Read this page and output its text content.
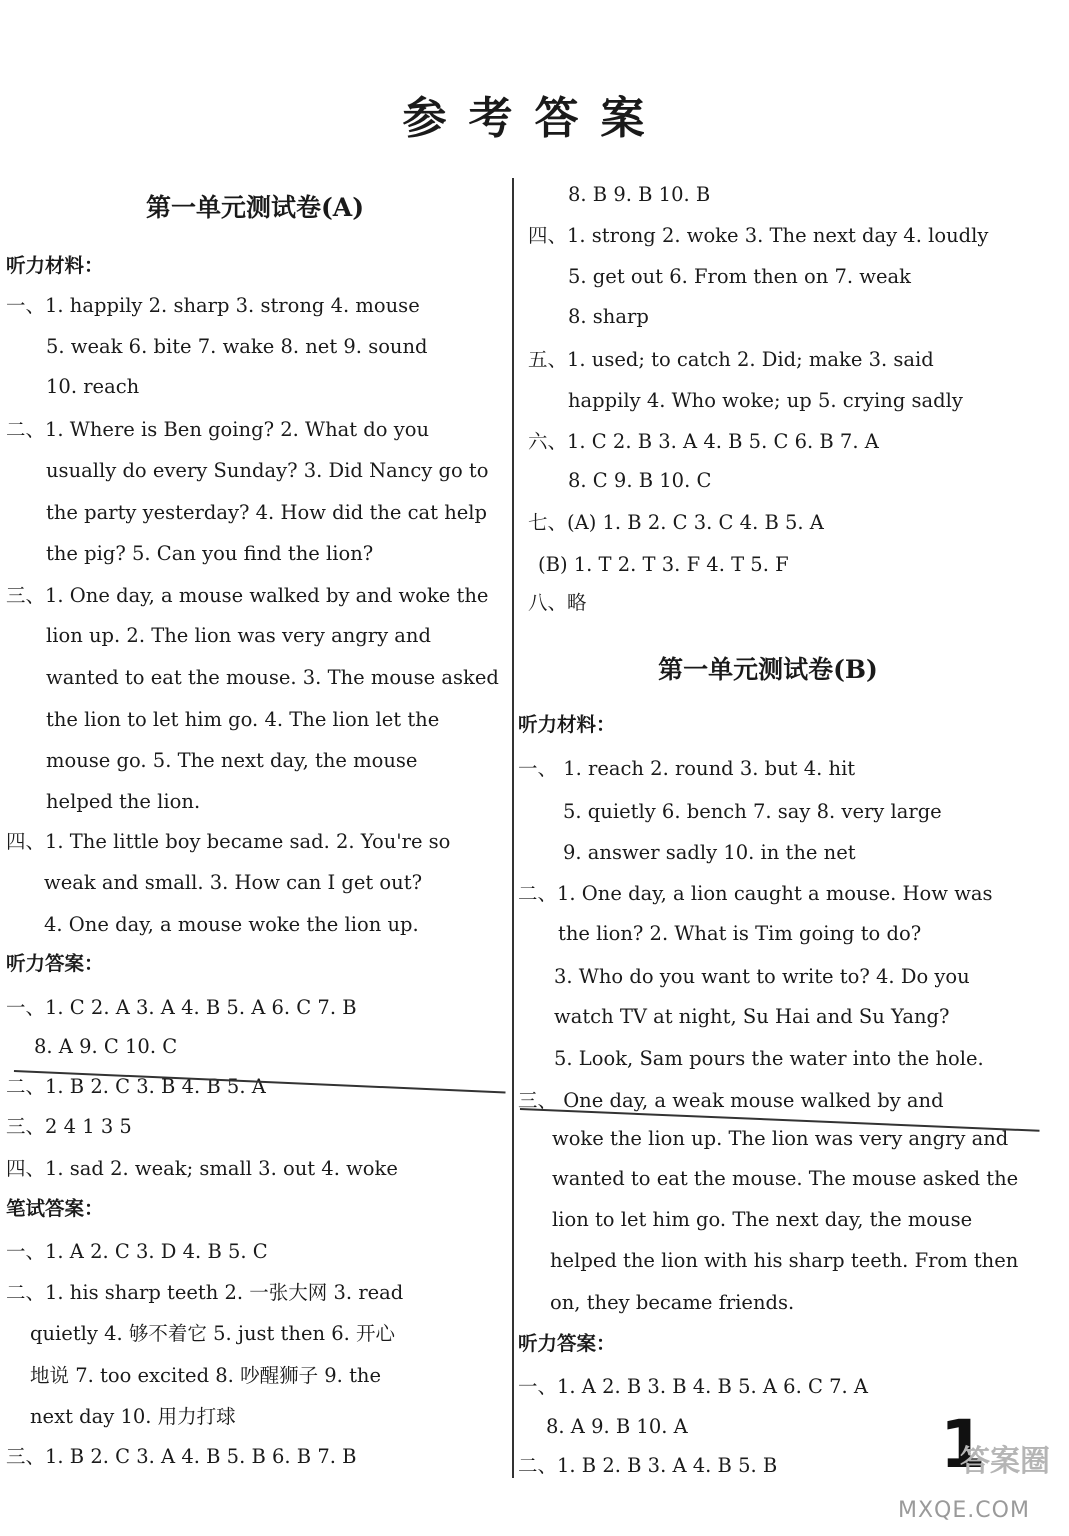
参考答案
第一单元测试卷(A)
听力材料：
一、1. happily 2. sharp 3. strong 4. mouse
5. weak 6. bite 7. wake 8. net 9. sound
10. reach
二、1. Where is Ben going? 2. What do you
usually do every Sunday? 3. Did Nancy go to
the party yesterday? 4. How did the cat help
the pig? 5. Can you find the lion?
三、1. One day, a mouse walked by and woke the
lion up. 2. The lion was very angry and
wanted to eat the mouse. 3. The mouse asked
the lion to let him go. 4. The lion let the
mouse go. 5. The next day, the mouse
helped the lion.
四、1. The little boy became sad. 2. You're so
weak and small. 3. How can I get out?
4. One day, a mouse woke the lion up.
听力答案：
一、1. C 2. A 3. A 4. B 5. A 6. C 7. B
8. A 9. C 10. C
二、1. B 2. C 3. B 4. B 5. A
三、2 4 1 3 5
四、1. sad 2. weak; small 3. out 4. woke
笔试答案：
一、1. A 2. C 3. D 4. B 5. C
二、1. his sharp teeth 2. 一张大网 3. read
quietly 4. 够不着它 5. just then 6. 开心
地说 7. too excited 8. 吵醒狮子 9. the
next day 10. 用力打球
三、1. B 2. C 3. A 4. B 5. B 6. B 7. B
8. B 9. B 10. B
四、1. strong 2. woke 3. The next day 4. loudly
5. get out 6. From then on 7. weak
8. sharp
五、1. used; to catch 2. Did; make 3. said
happily 4. Who woke; up 5. crying sadly
六、1. C 2. B 3. A 4. B 5. C 6. B 7. A
8. C 9. B 10. C
七、(A) 1. B 2. C 3. C 4. B 5. A
(B) 1. T 2. T 3. F 4. T 5. F
八、略
第一单元测试卷(B)
听力材料：
一、 1. reach 2. round 3. but 4. hit
5. quietly 6. bench 7. say 8. very large
9. answer sadly 10. in the net
二、1. One day, a lion caught a mouse. How was
the lion? 2. What is Tim going to do?
3. Who do you want to write to? 4. Do you
watch TV at night, Su Hai and Su Yang?
5. Look, Sam pours the water into the hole.
三、 One day, a weak mouse walked by and
woke the lion up. The lion was very angry and
wanted to eat the mouse. The mouse asked the
lion to let him go. The next day, the mouse
helped the lion with his sharp teeth. From then
on, they became friends.
听力答案：
一、1. A 2. B 3. B 4. B 5. A 6. C 7. A
8. A 9. B 10. A
二、1. B 2. B 3. A 4. B 5. B 1
答案圈
MXQE.COM
